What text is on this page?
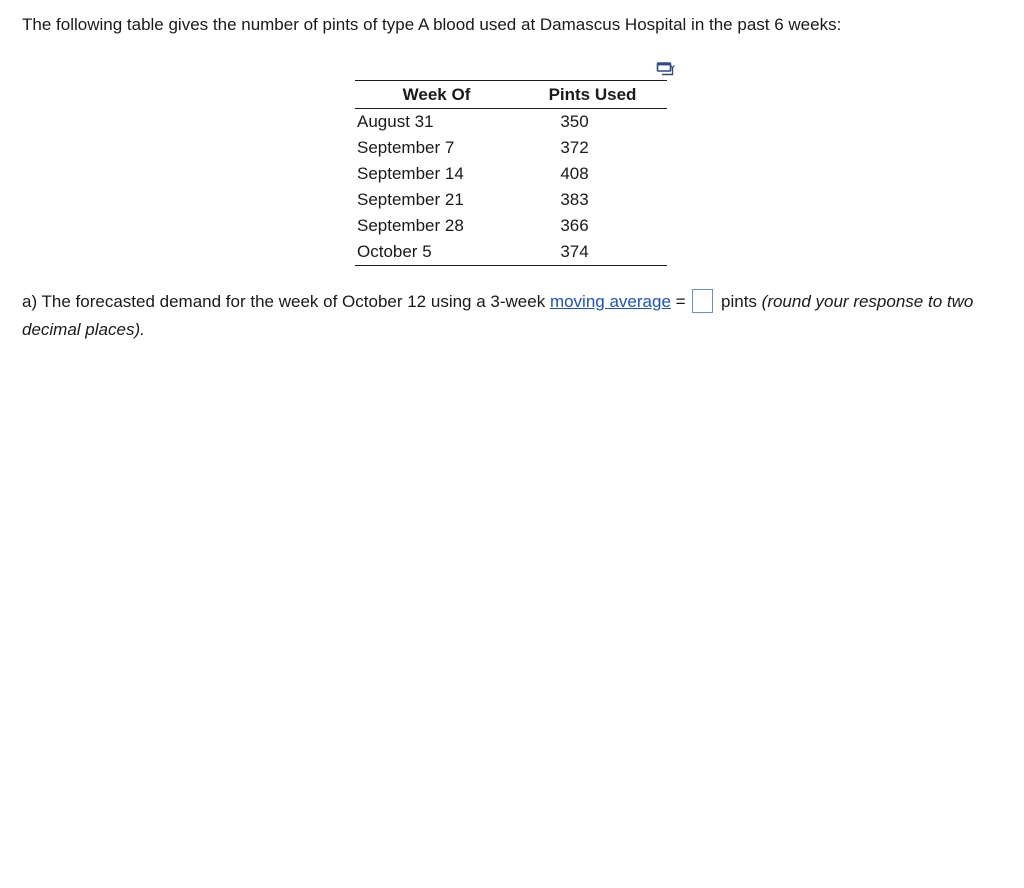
The following table gives the number of pints of type A blood used at Damascus Hospital in the past 6 weeks:
Week Of	Pints Used
August 31	350
September 7	372
September 14	408
September 21	383
September 28	366
October 5	374
a) The forecasted demand for the week of October 12 using a 3-week moving average =  pints (round your response to two decimal places).
